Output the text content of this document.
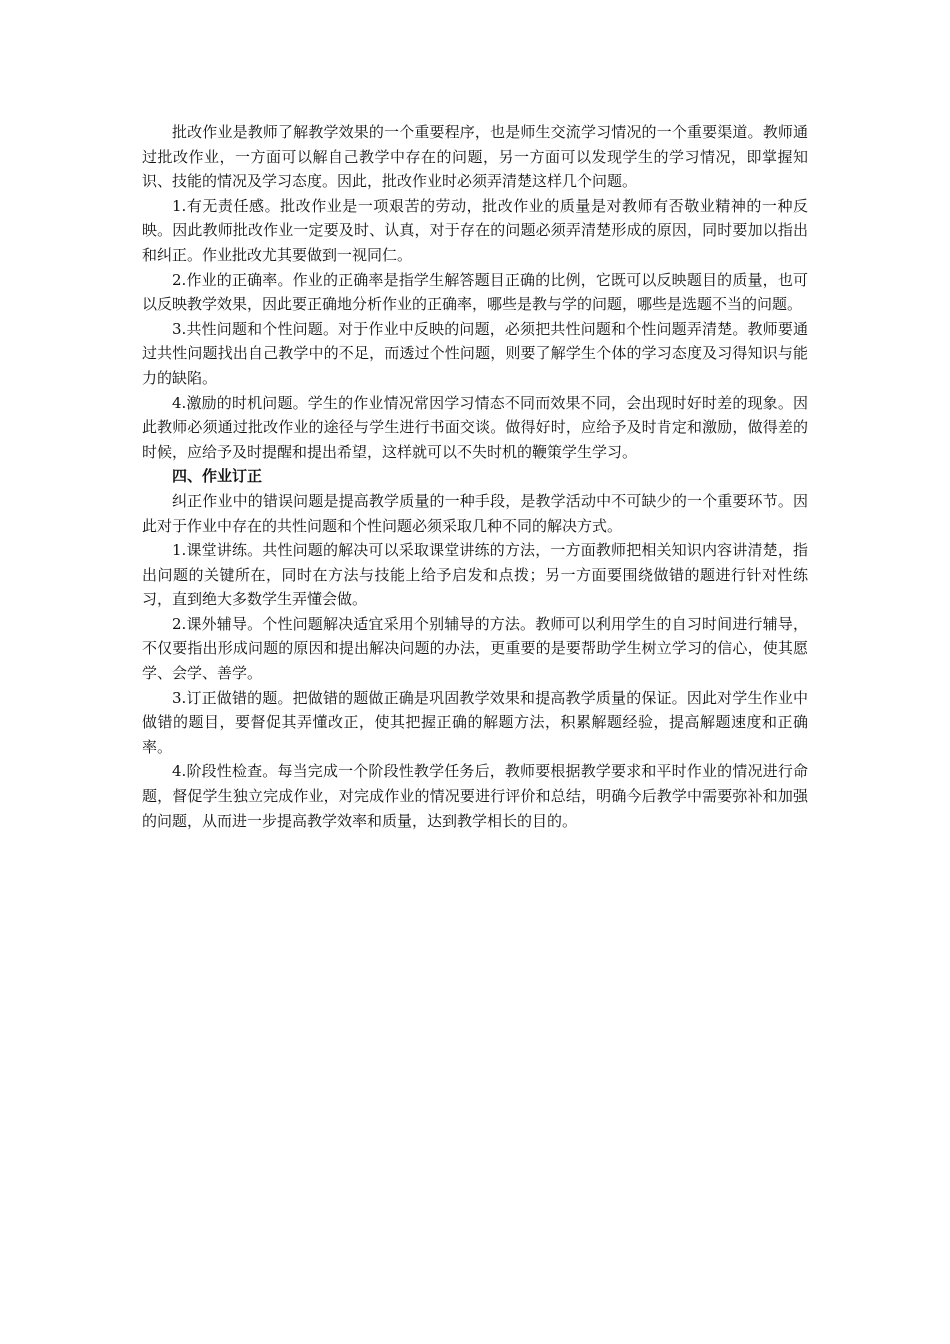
批改作业是教师了解教学效果的一个重要程序，也是师生交流学习情况的一个重要渠道。教师通过批改作业，一方面可以解自己教学中存在的问题，另一方面可以发现学生的学习情况，即掌握知识、技能的情况及学习态度。因此，批改作业时必须弄清楚这样几个问题。

1.有无责任感。批改作业是一项艰苦的劳动，批改作业的质量是对教师有否敬业精神的一种反映。因此教师批改作业一定要及时、认真，对于存在的问题必须弄清楚形成的原因，同时要加以指出和纠正。作业批改尤其要做到一视同仁。

2.作业的正确率。作业的正确率是指学生解答题目正确的比例，它既可以反映题目的质量，也可以反映教学效果，因此要正确地分析作业的正确率，哪些是教与学的问题，哪些是选题不当的问题。

3.共性问题和个性问题。对于作业中反映的问题，必须把共性问题和个性问题弄清楚。教师要通过共性问题找出自己教学中的不足，而透过个性问题，则要了解学生个体的学习态度及习得知识与能力的缺陷。

4.激励的时机问题。学生的作业情况常因学习情态不同而效果不同，会出现时好时差的现象。因此教师必须通过批改作业的途径与学生进行书面交谈。做得好时，应给予及时肯定和激励，做得差的时候，应给予及时提醒和提出希望，这样就可以不失时机的鞭策学生学习。

四、作业订正

纠正作业中的错误问题是提高教学质量的一种手段，是教学活动中不可缺少的一个重要环节。因此对于作业中存在的共性问题和个性问题必须采取几种不同的解决方式。

1.课堂讲练。共性问题的解决可以采取课堂讲练的方法，一方面教师把相关知识内容讲清楚，指出问题的关键所在，同时在方法与技能上给予启发和点拨；另一方面要围绕做错的题进行针对性练习，直到绝大多数学生弄懂会做。

2.课外辅导。个性问题解决适宜采用个别辅导的方法。教师可以利用学生的自习时间进行辅导，不仅要指出形成问题的原因和提出解决问题的办法，更重要的是要帮助学生树立学习的信心，使其愿学、会学、善学。

3.订正做错的题。把做错的题做正确是巩固教学效果和提高教学质量的保证。因此对学生作业中做错的题目，要督促其弄懂改正，使其把握正确的解题方法，积累解题经验，提高解题速度和正确率。

4.阶段性检查。每当完成一个阶段性教学任务后，教师要根据教学要求和平时作业的情况进行命题，督促学生独立完成作业，对完成作业的情况要进行评价和总结，明确今后教学中需要弥补和加强的问题，从而进一步提高教学效率和质量，达到教学相长的目的。
